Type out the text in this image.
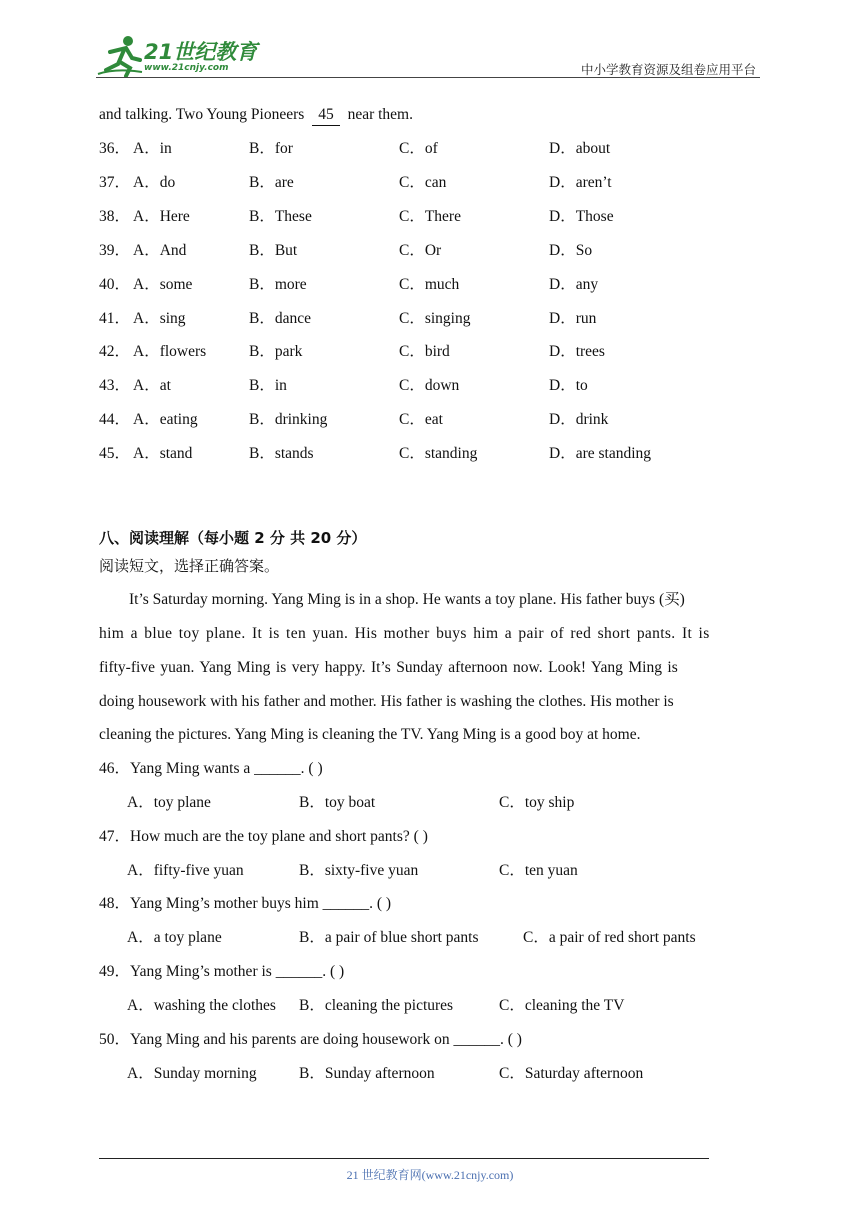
21世纪教育
www.21cnjy.com	中小学教育资源及组卷应用平台
and talking. Two Young Pioneers 45 near them.
36． A．in	B．for	C．of	D．about
37． A．do	B．are	C．can	D．aren’t
38． A．Here	B．These	C．There	D．Those
39． A．And	B．But	C．Or	D．So
40． A．some	B．more	C．much	D．any
41． A．sing	B．dance	C．singing	D．run
42． A．flowers	B．park	C．bird	D．trees
43． A．at	B．in	C．down	D．to
44． A．eating	B．drinking	C．eat	D．drink
45． A．stand	B．stands	C．standing	D．are standing
八、阅读理解（每小题 2 分 共 20 分）
阅读短文，选择正确答案。
It’s Saturday morning. Yang Ming is in a shop. He wants a toy plane. His father buys (买)
him a blue toy plane. It is ten yuan. His mother buys him a pair of red short pants. It is
fifty-five yuan. Yang Ming is very happy. It’s Sunday afternoon now. Look! Yang Ming is
doing housework with his father and mother. His father is washing the clothes. His mother is
cleaning the pictures. Yang Ming is cleaning the TV. Yang Ming is a good boy at home.
46．Yang Ming wants a ______. ( )
A．toy plane	B．toy boat	C．toy ship
47．How much are the toy plane and short pants? ( )
A．fifty-five yuan	B．sixty-five yuan	C．ten yuan
48．Yang Ming’s mother buys him ______. ( )
A．a toy plane	B．a pair of blue short pants	C．a pair of red short pants
49．Yang Ming’s mother is ______. ( )
A．washing the clothes B．cleaning the pictures	C．cleaning the TV
50．Yang Ming and his parents are doing housework on ______. ( )
A．Sunday morning	B．Sunday afternoon	C．Saturday afternoon
21 世纪教育网(www.21cnjy.com)
